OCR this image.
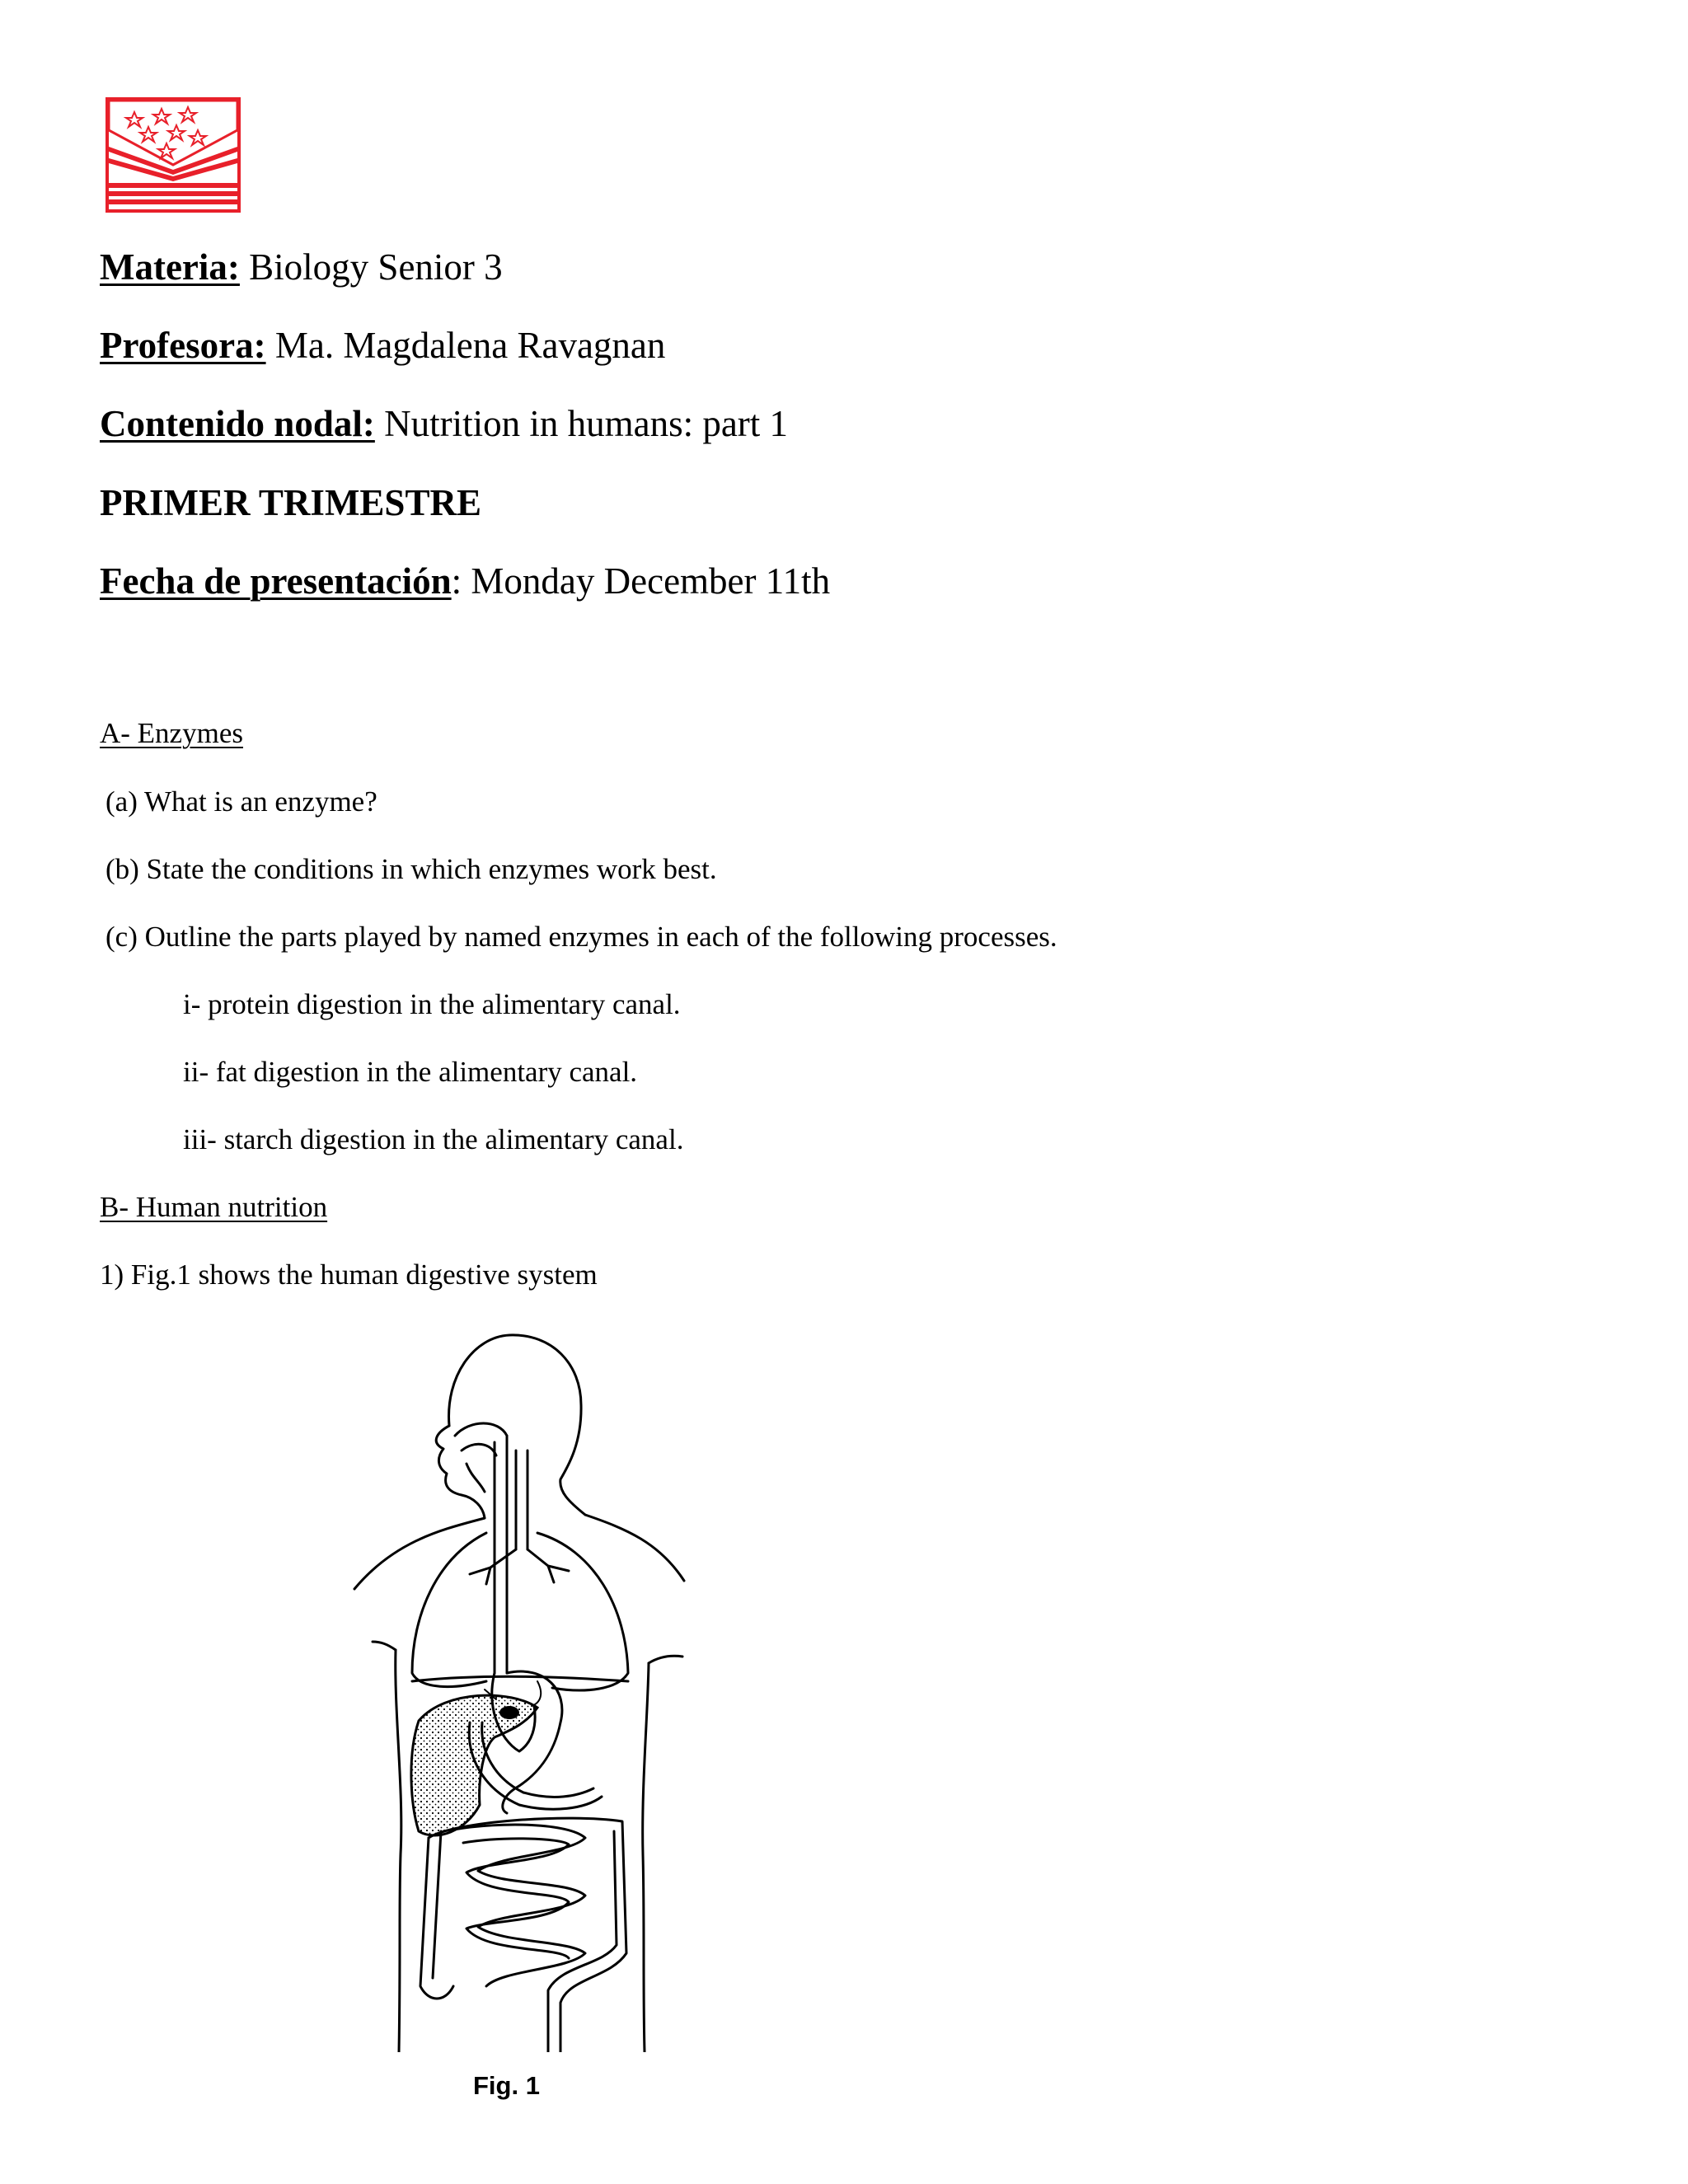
Materia: Biology Senior 3
Profesora: Ma. Magdalena Ravagnan
Contenido nodal: Nutrition in humans: part 1
PRIMER TRIMESTRE
Fecha de presentación: Monday December 11th
A- Enzymes
(a) What is an enzyme?
(b) State the conditions in which enzymes work best.
(c) Outline the parts played by named enzymes in each of the following processes.
i- protein digestion in the alimentary canal.
ii- fat digestion in the alimentary canal.
iii- starch digestion in the alimentary canal.
B- Human nutrition
1) Fig.1 shows the human digestive system
Fig. 1
